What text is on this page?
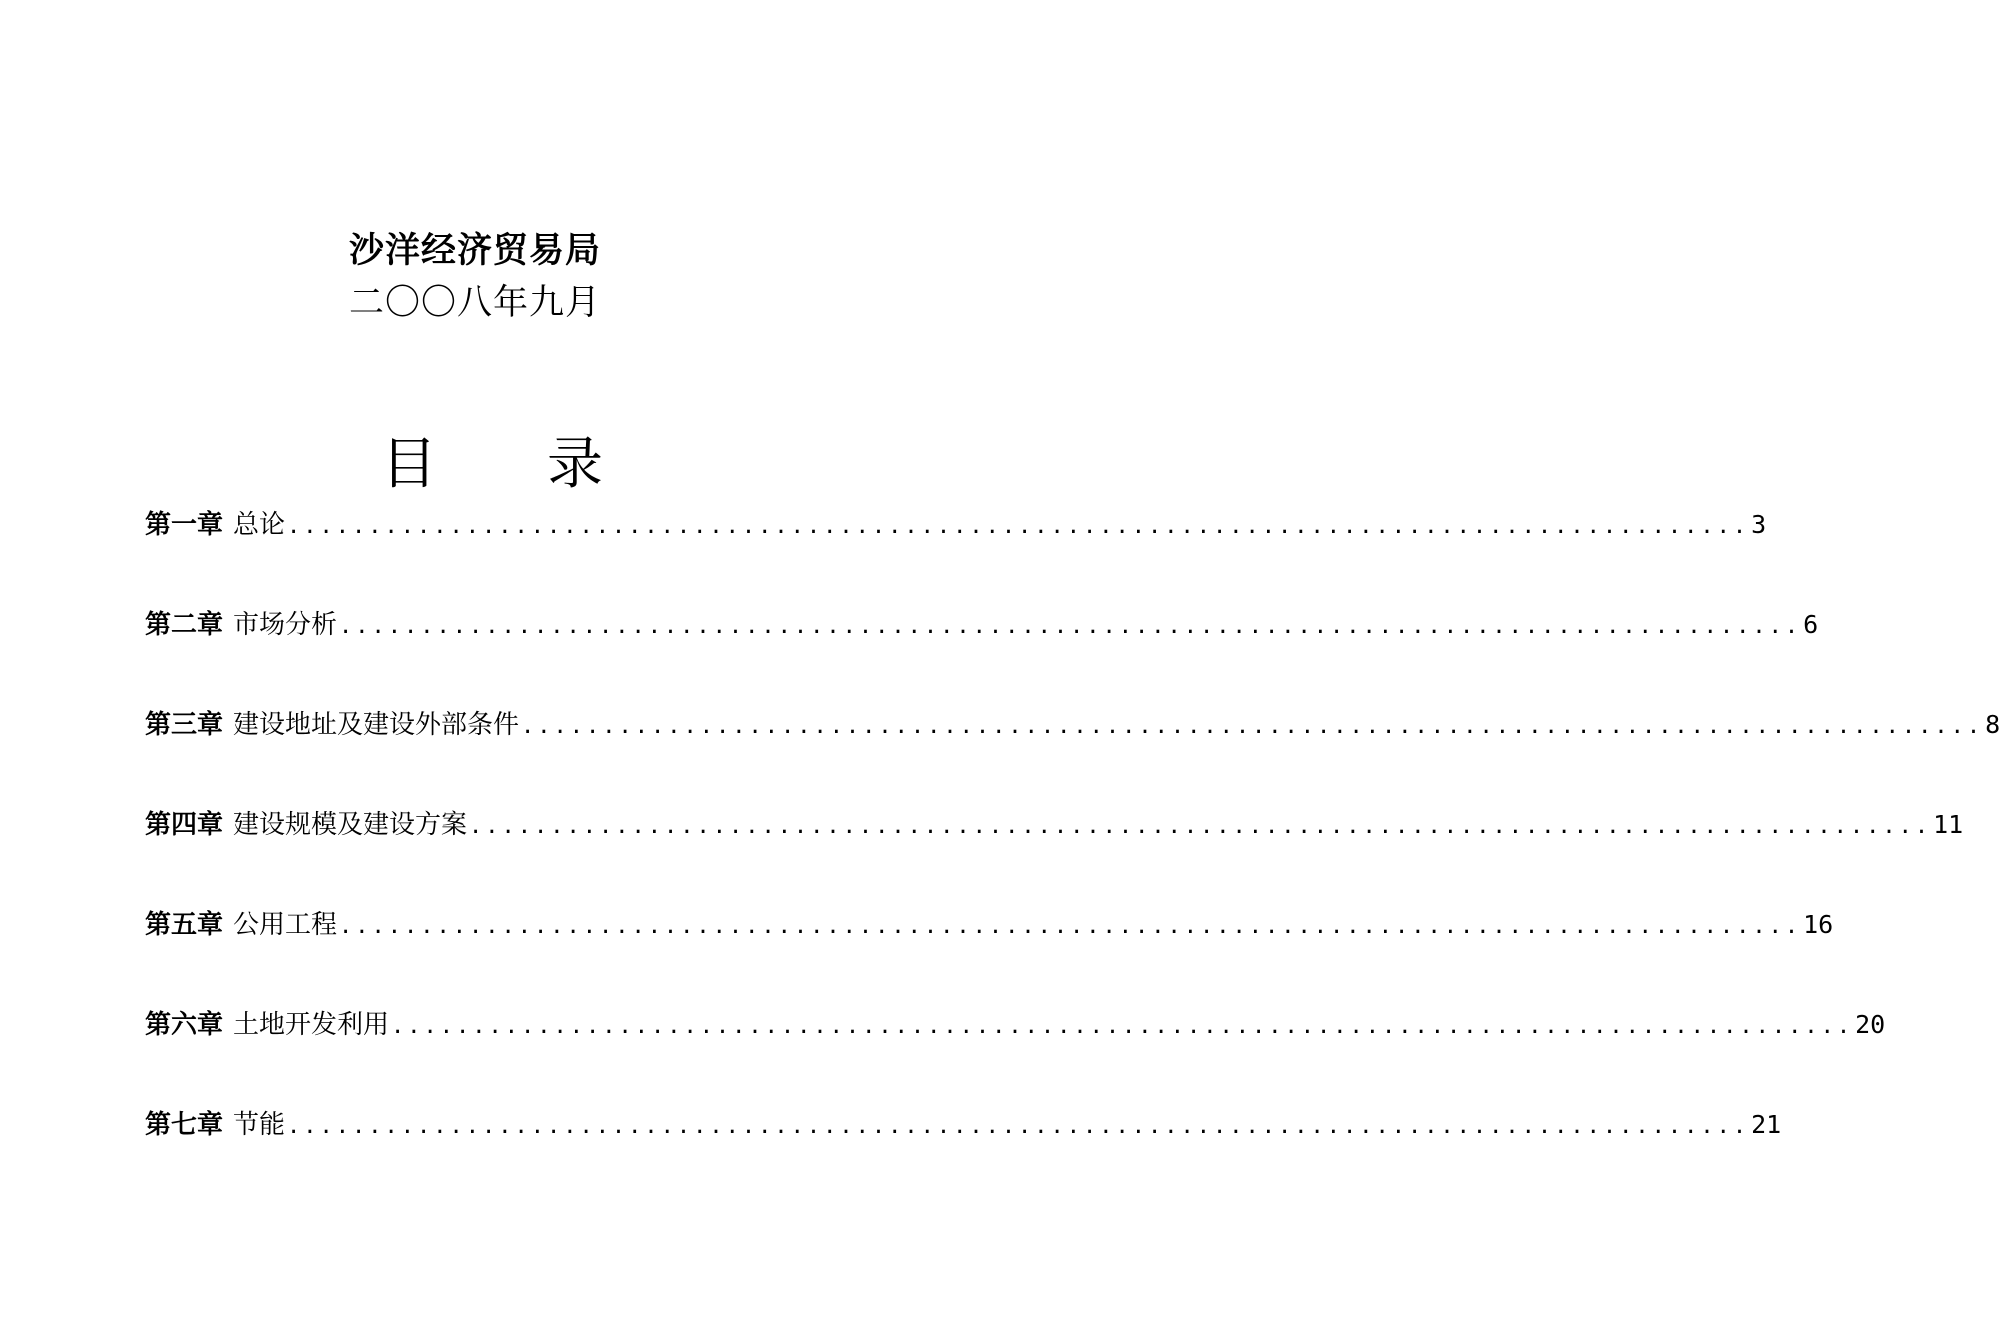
沙洋经济贸易局
二〇〇八年九月
目 录
第一章 总论 .......................................................................................... 3
第二章 市场分析 .......................................................................................... 6
第三章 建设地址及建设外部条件 .......................................................................................... 8
第四章 建设规模及建设方案 .......................................................................................... 11
第五章 公用工程 .......................................................................................... 16
第六章 土地开发利用 .......................................................................................... 20
第七章 节能 .......................................................................................... 21
